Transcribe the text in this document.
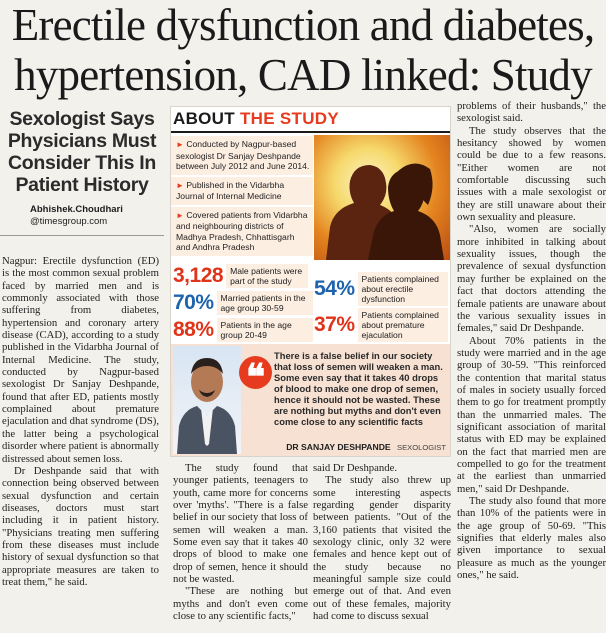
Erectile dysfunction and diabetes,
hypertension, CAD linked: Study
Sexologist Says
Physicians Must
Consider This In
Patient History
Abhishek.Choudhari
@timesgroup.com

Nagpur: Erectile dysfunction (ED) is the most common sexual problem faced by married men and is commonly associated with those suffering from diabetes, hypertension and coronary artery disease (CAD), according to a study published in the Vidarbha Journal of Internal Medicine. The study, conducted by Nagpur-based sexologist Dr Sanjay Deshpande, found that after ED, patients mostly complained about premature ejaculation and dhat syndrome (DS), the latter being a psychological disorder where patient is abnormally distressed about semen loss.

Dr Deshpande said that with connection being observed between sexual dysfunction and certain diseases, doctors must start including it in patient history. "Physicians treating men suffering from these diseases must include history of sexual dysfunction so that appropriate measures are taken to treat them," he said.

ABOUT THE STUDY
► Conducted by Nagpur-based sexologist Dr Sanjay Deshpande between July 2012 and June 2014.
► Published in the Vidarbha Journal of Internal Medicine
► Covered patients from Vidarbha and neighbouring districts of Madhya Pradesh, Chhattisgarh and Andhra Pradesh
3,128 Male patients were part of the study
70% Married patients in the age group 30-59
88% Patients in the age group 20-49
54% Patients complained about erectile dysfunction
37% Patients complained about premature ejaculation
❝
There is a false belief in our society that loss of semen will weaken a man. Some even say that it takes 40 drops of blood to make one drop of semen, hence it should not be wasted. These are nothing but myths and don't even come close to any scientific facts
DR SANJAY DESHPANDE SEXOLOGIST

The study found that younger patients, teenagers to youth, came more for concerns over 'myths'. "There is a false belief in our society that loss of semen will weaken a man. Some even say that it takes 40 drops of blood to make one drop of semen, hence it should not be wasted.

"These are nothing but myths and don't even come close to any scientific facts,"

said Dr Deshpande.

The study also threw up some interesting aspects regarding gender disparity between patients. "Out of the 3,160 patients that visited the sexology clinic, only 32 were females and hence kept out of the study because no meaningful sample size could emerge out of that. And even out of these females, majority had come to discuss sexual

problems of their husbands," the sexologist said.

The study observes that the hesitancy showed by women could be due to a few reasons. "Either women are not comfortable discussing such issues with a male sexologist or they are still unaware about their own sexuality and pleasure.

"Also, women are socially more inhibited in talking about sexuality issues, though the prevalence of sexual dysfunction may further be explained on the fact that doctors attending the female patients are unaware about the various sexuality issues in females," said Dr Deshpande.

About 70% patients in the study were married and in the age group of 30-59. "This reinforced the contention that marital status of males in society usually forced them to go for treatment promptly than the unmarried males. The significant association of marital status with ED may be explained on the fact that married men are compelled to go for the treatment at the earliest than unmarried men," said Dr Deshpande.

The study also found that more than 10% of the patients were in the age group of 50-69. "This signifies that elderly males also given importance to sexual pleasure as much as the younger ones," he said.
